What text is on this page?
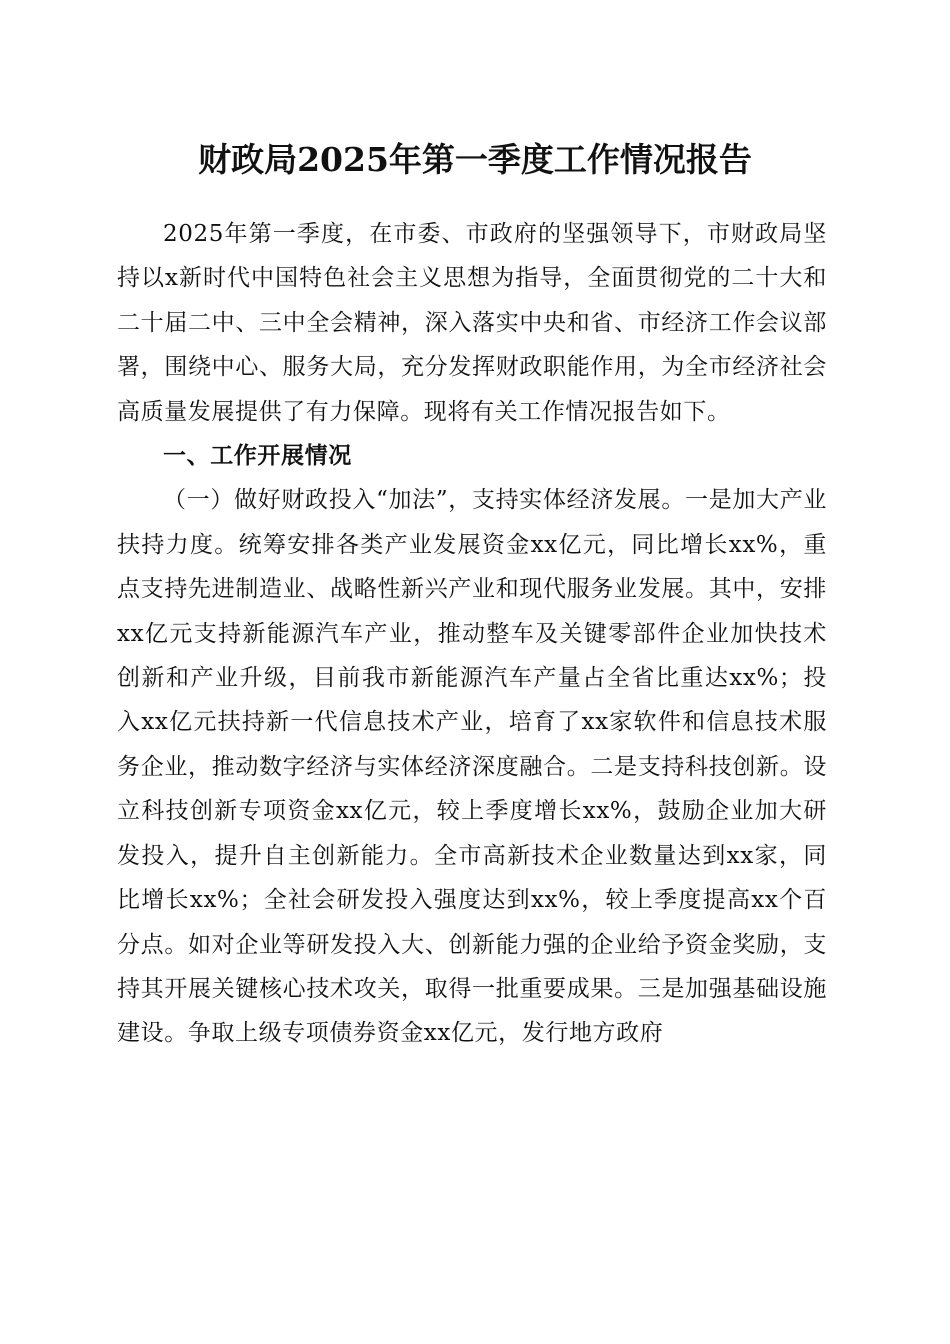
财政局2025年第一季度工作情况报告

2025年第一季度，在市委、市政府的坚强领导下，市财政局坚持以x新时代中国特色社会主义思想为指导，全面贯彻党的二十大和二十届二中、三中全会精神，深入落实中央和省、市经济工作会议部署，围绕中心、服务大局，充分发挥财政职能作用，为全市经济社会高质量发展提供了有力保障。现将有关工作情况报告如下。

一、工作开展情况

（一）做好财政投入“加法”，支持实体经济发展。一是加大产业扶持力度。统筹安排各类产业发展资金xx亿元，同比增长xx%，重点支持先进制造业、战略性新兴产业和现代服务业发展。其中，安排xx亿元支持新能源汽车产业，推动整车及关键零部件企业加快技术创新和产业升级，目前我市新能源汽车产量占全省比重达xx%；投入xx亿元扶持新一代信息技术产业，培育了xx家软件和信息技术服务企业，推动数字经济与实体经济深度融合。二是支持科技创新。设立科技创新专项资金xx亿元，较上季度增长xx%，鼓励企业加大研发投入，提升自主创新能力。全市高新技术企业数量达到xx家，同比增长xx%；全社会研发投入强度达到xx%，较上季度提高xx个百分点。如对企业等研发投入大、创新能力强的企业给予资金奖励，支持其开展关键核心技术攻关，取得一批重要成果。三是加强基础设施建设。争取上级专项债券资金xx亿元，发行地方政府
